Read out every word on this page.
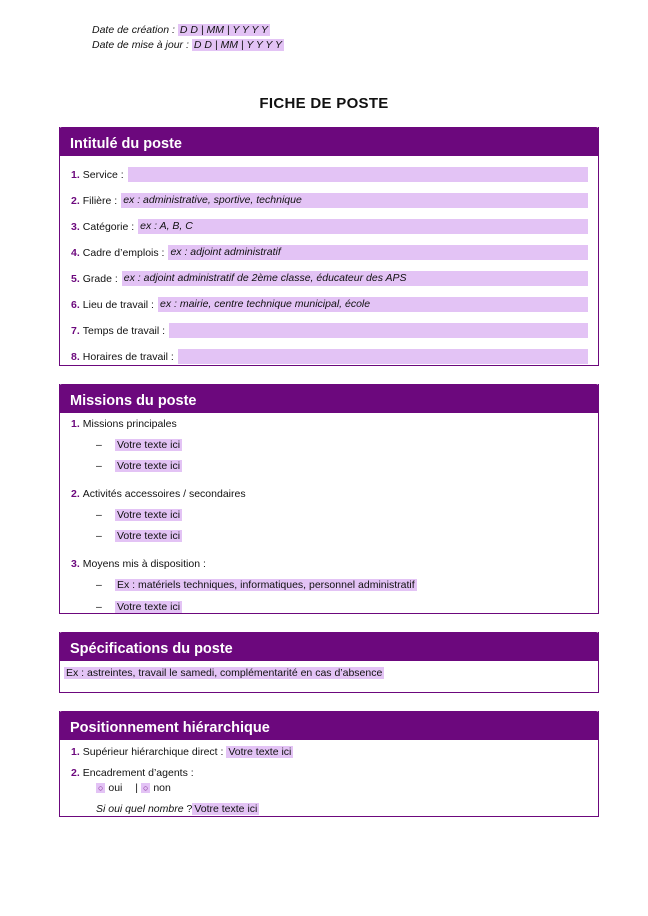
Date de création : D D | MM | Y Y Y Y
Date de mise à jour : D D | MM | Y Y Y Y
FICHE DE POSTE
Intitulé du poste
1. Service :
2. Filière : ex : administrative, sportive, technique
3. Catégorie : ex : A, B, C
4. Cadre d’emplois : ex : adjoint administratif
5. Grade : ex : adjoint administratif de 2ème classe, éducateur des APS
6. Lieu de travail : ex : mairie, centre technique municipal, école
7. Temps de travail :
8. Horaires de travail :
Missions du poste
1. Missions principales
– Votre texte ici
– Votre texte ici
2. Activités accessoires / secondaires
– Votre texte ici
– Votre texte ici
3. Moyens mis à disposition :
– Ex : matériels techniques, informatiques, personnel administratif
– Votre texte ici
Spécifications du poste
Ex : astreintes, travail le samedi, complémentarité en cas d’absence
Positionnement hiérarchique
1. Supérieur hiérarchique direct : Votre texte ici
2. Encadrement d’agents :
○ oui | ○ non
Si oui quel nombre ? Votre texte ici
